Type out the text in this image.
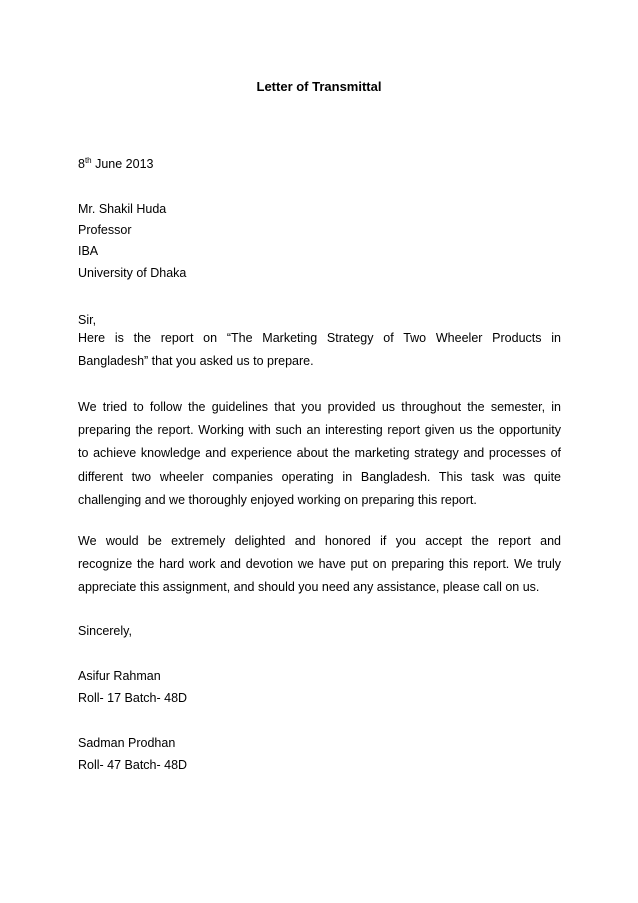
Letter of Transmittal
8th June 2013
Mr. Shakil Huda
Professor
IBA
University of Dhaka
Sir,
Here is the report on “The Marketing Strategy of Two Wheeler Products in
Bangladesh” that you asked us to prepare.
We tried to follow the guidelines that you provided us throughout the semester, in
preparing the report. Working with such an interesting report given us the opportunity
to achieve knowledge and experience about the marketing strategy and processes of
different two wheeler companies operating in Bangladesh. This task was quite
challenging and we thoroughly enjoyed working on preparing this report.
We would be extremely delighted and honored if you accept the report and
recognize the hard work and devotion we have put on preparing this report. We truly
appreciate this assignment, and should you need any assistance, please call on us.
Sincerely,
Asifur Rahman
Roll- 17 Batch- 48D
Sadman Prodhan
Roll- 47 Batch- 48D
